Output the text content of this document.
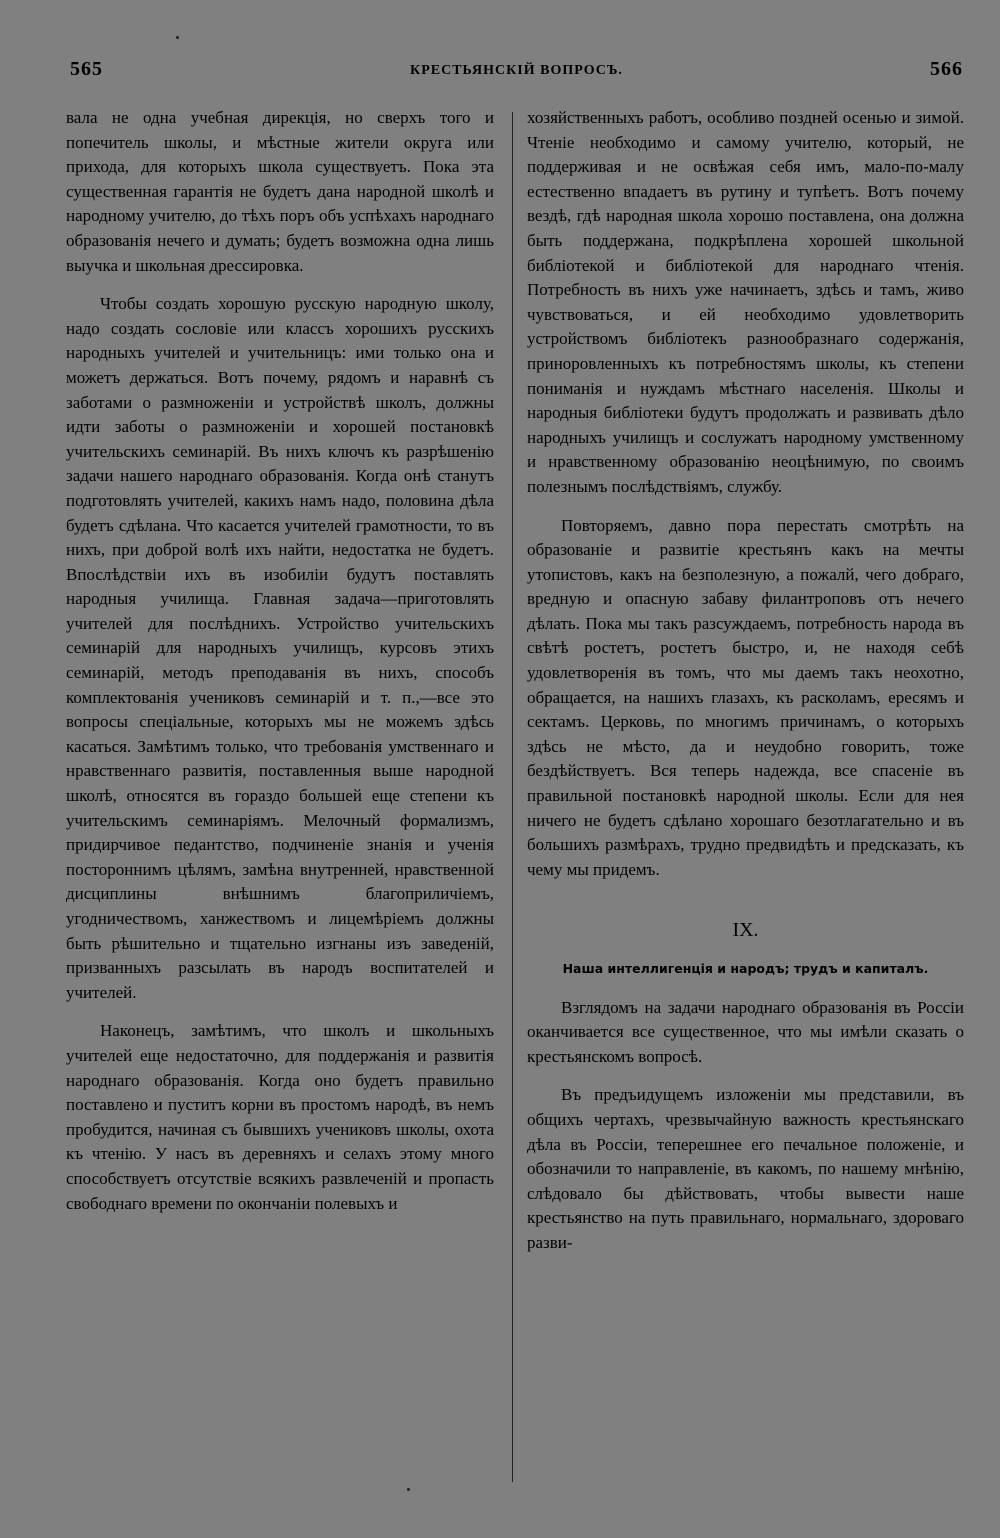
565	КРЕСТЬЯНСКІЙ ВОПРОСЪ.	566

вала не одна учебная дирекція, но сверхъ того и попечитель школы, и мѣстные жители округа или прихода, для которыхъ школа существуетъ. Пока эта существенная гарантія не будетъ дана народной школѣ и народному учителю, до тѣхъ поръ объ успѣхахъ народнаго образованія нечего и думать; будетъ возможна одна лишь выучка и школьная дрессировка.

Чтобы создать хорошую русскую народную школу, надо создать сословіе или классъ хорошихъ русскихъ народныхъ учителей и учительницъ: ими только она и можетъ держаться. Вотъ почему, рядомъ и наравнѣ съ заботами о размноженіи и устройствѣ школъ, должны идти заботы о размноженіи и хорошей постановкѣ учительскихъ семинарій. Въ нихъ ключъ къ разрѣшенію задачи нашего народнаго образованія. Когда онѣ станутъ подготовлять учителей, какихъ намъ надо, половина дѣла будетъ сдѣлана. Что касается учителей грамотности, то въ нихъ, при доброй волѣ ихъ найти, недостатка не будетъ. Впослѣдствіи ихъ въ изобиліи будутъ поставлять народныя училища. Главная задача—приготовлять учителей для послѣднихъ. Устройство учительскихъ семинарій для народныхъ училищъ, курсовъ этихъ семинарій, методъ преподаванія въ нихъ, способъ комплектованія учениковъ семинарій и т. п.,—все это вопросы спеціальные, которыхъ мы не можемъ здѣсь касаться. Замѣтимъ только, что требованія умственнаго и нравственнаго развитія, поставленныя выше народной школѣ, относятся въ гораздо большей еще степени къ учительскимъ семинаріямъ. Мелочный формализмъ, придирчивое педантство, подчиненіе знанія и ученія постороннимъ цѣлямъ, замѣна внутренней, нравственной дисциплины внѣшнимъ благоприличіемъ, угодничествомъ, ханжествомъ и лицемѣріемъ должны быть рѣшительно и тщательно изгнаны изъ заведеній, призванныхъ разсылать въ народъ воспитателей и учителей.

Наконецъ, замѣтимъ, что школъ и школьныхъ учителей еще недостаточно, для поддержанія и развитія народнаго образованія. Когда оно будетъ правильно поставлено и пуститъ корни въ простомъ народѣ, въ немъ пробудится, начиная съ бывшихъ учениковъ школы, охота къ чтенію. У насъ въ деревняхъ и селахъ этому много способствуетъ отсутствіе всякихъ развлеченій и пропасть свободнаго времени по окончаніи полевыхъ и

хозяйственныхъ работъ, особливо поздней осенью и зимой. Чтеніе необходимо и самому учителю, который, не поддерживая и не освѣжая себя имъ, мало-по-малу естественно впадаетъ въ рутину и тупѣетъ. Вотъ почему вездѣ, гдѣ народная школа хорошо поставлена, она должна быть поддержана, подкрѣплена хорошей школьной библіотекой и библіотекой для народнаго чтенія. Потребность въ нихъ уже начинаетъ, здѣсь и тамъ, живо чувствоваться, и ей необходимо удовлетворить устройствомъ библіотекъ разнообразнаго содержанія, приноровленныхъ къ потребностямъ школы, къ степени пониманія и нуждамъ мѣстнаго населенія. Школы и народныя библіотеки будутъ продолжать и развивать дѣло народныхъ училищъ и сослужатъ народному умственному и нравственному образованію неоцѣнимую, по своимъ полезнымъ послѣдствіямъ, службу.

Повторяемъ, давно пора перестать смотрѣть на образованіе и развитіе крестьянъ какъ на мечты утопистовъ, какъ на безполезную, а пожалй, чего добраго, вредную и опасную забаву филантроповъ отъ нечего дѣлать. Пока мы такъ разсуждаемъ, потребность народа въ свѣтѣ ростетъ, ростетъ быстро, и, не находя себѣ удовлетворенія въ томъ, что мы даемъ такъ неохотно, обращается, на нашихъ глазахъ, къ расколамъ, ересямъ и сектамъ. Церковь, по многимъ причинамъ, о которыхъ здѣсь не мѣсто, да и неудобно говорить, тоже бездѣйствуетъ. Вся теперь надежда, все спасеніе въ правильной постановкѣ народной школы. Если для нея ничего не будетъ сдѣлано хорошаго безотлагательно и въ большихъ размѣрахъ, трудно предвидѣть и предсказать, къ чему мы придемъ.

IX.
Наша интеллигенція и народъ; трудъ и капиталъ.

Взглядомъ на задачи народнаго образованія въ Россіи оканчивается все существенное, что мы имѣли сказать о крестьянскомъ вопросѣ.

Въ предъидущемъ изложеніи мы представили, въ общихъ чертахъ, чрезвычайную важность крестьянскаго дѣла въ Россіи, теперешнее его печальное положеніе, и обозначили то направленіе, въ какомъ, по нашему мнѣнію, слѣдовало бы дѣйствовать, чтобы вывести наше крестьянство на путь правильнаго, нормальнаго, здороваго разви-
